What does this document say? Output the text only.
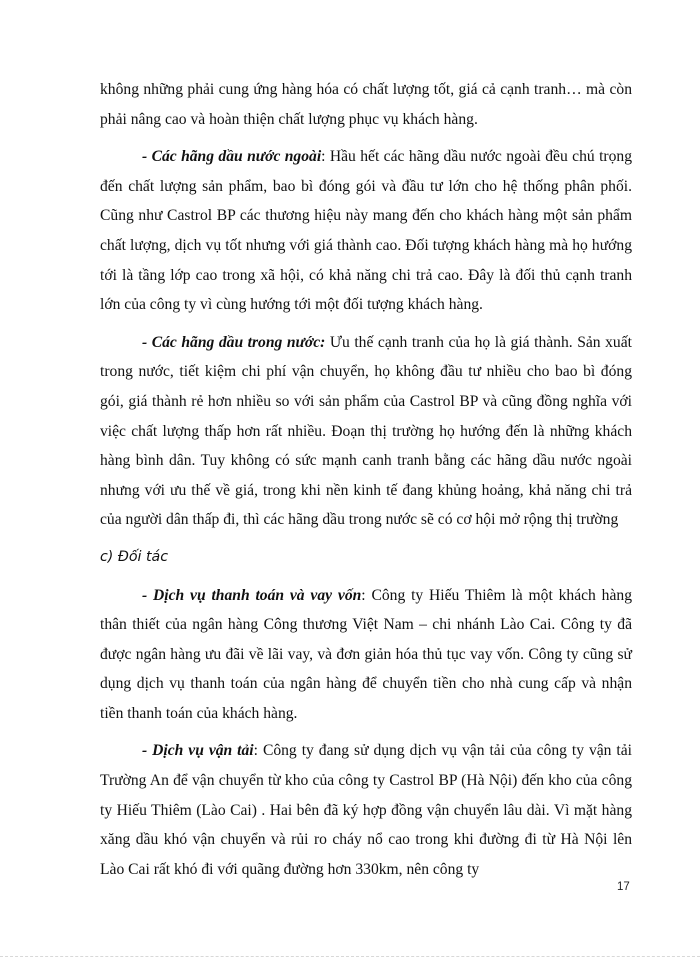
không những phải cung ứng hàng hóa có chất lượng tốt, giá cả cạnh tranh… mà còn phải nâng cao và hoàn thiện chất lượng phục vụ khách hàng.

- Các hãng dầu nước ngoài: Hầu hết các hãng dầu nước ngoài đều chú trọng đến chất lượng sản phẩm, bao bì đóng gói và đầu tư lớn cho hệ thống phân phối. Cũng như Castrol BP các thương hiệu này mang đến cho khách hàng một sản phẩm chất lượng, dịch vụ tốt nhưng với giá thành cao. Đối tượng khách hàng mà họ hướng tới là tầng lớp cao trong xã hội, có khả năng chi trả cao. Đây là đối thủ cạnh tranh lớn của công ty vì cùng hướng tới một đối tượng khách hàng.

- Các hãng dầu trong nước: Ưu thế cạnh tranh của họ là giá thành. Sản xuất trong nước, tiết kiệm chi phí vận chuyển, họ không đầu tư nhiều cho bao bì đóng gói, giá thành rẻ hơn nhiều so với sản phẩm của Castrol BP và cũng đồng nghĩa với việc chất lượng thấp hơn rất nhiều. Đoạn thị trường họ hướng đến là những khách hàng bình dân. Tuy không có sức mạnh canh tranh bằng các hãng dầu nước ngoài nhưng với ưu thế về giá, trong khi nền kinh tế đang khủng hoảng, khả năng chi trả của người dân thấp đi, thì các hãng dầu trong nước sẽ có cơ hội mở rộng thị trường

c) Đối tác

- Dịch vụ thanh toán và vay vốn: Công ty Hiếu Thiêm là một khách hàng thân thiết của ngân hàng Công thương Việt Nam – chi nhánh Lào Cai. Công ty đã được ngân hàng ưu đãi về lãi vay, và đơn giản hóa thủ tục vay vốn. Công ty cũng sử dụng dịch vụ thanh toán của ngân hàng để chuyển tiền cho nhà cung cấp và nhận tiền thanh toán của khách hàng.

- Dịch vụ vận tải: Công ty đang sử dụng dịch vụ vận tải của công ty vận tải Trường An để vận chuyển từ kho của công ty Castrol BP (Hà Nội) đến kho của công ty Hiếu Thiêm (Lào Cai) . Hai bên đã ký hợp đồng vận chuyển lâu dài. Vì mặt hàng xăng dầu khó vận chuyển và rủi ro cháy nổ cao trong khi đường đi từ Hà Nội lên Lào Cai rất khó đi với quãng đường hơn 330km, nên công ty

17
